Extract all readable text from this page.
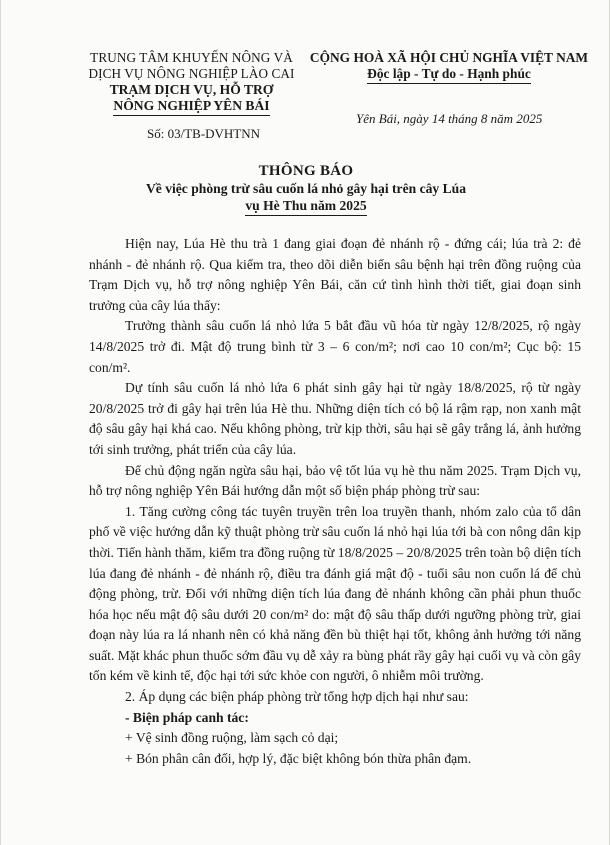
TRUNG TÂM KHUYẾN NÔNG VÀ
DỊCH VỤ NÔNG NGHIỆP LÀO CAI
TRẠM DỊCH VỤ, HỖ TRỢ
NÔNG NGHIỆP YÊN BÁI
CỘNG HOÀ XÃ HỘI CHỦ NGHĨA VIỆT NAM
Độc lập - Tự do - Hạnh phúc
Số: 03/TB-DVHTNN
Yên Bái, ngày 14 tháng 8 năm 2025
THÔNG BÁO
Về việc phòng trừ sâu cuốn lá nhỏ gây hại trên cây Lúa
vụ Hè Thu năm 2025

Hiện nay, Lúa Hè thu trà 1 đang giai đoạn đẻ nhánh rộ - đứng cái; lúa trà 2: đẻ nhánh - đẻ nhánh rộ. Qua kiểm tra, theo dõi diễn biến sâu bệnh hại trên đồng ruộng của Trạm Dịch vụ, hỗ trợ nông nghiệp Yên Bái, căn cứ tình hình thời tiết, giai đoạn sinh trưởng của cây lúa thấy:

Trưởng thành sâu cuốn lá nhỏ lứa 5 bắt đầu vũ hóa từ ngày 12/8/2025, rộ ngày 14/8/2025 trở đi. Mật độ trung bình từ 3 – 6 con/m²; nơi cao 10 con/m²; Cục bộ: 15 con/m².

Dự tính sâu cuốn lá nhỏ lứa 6 phát sinh gây hại từ ngày 18/8/2025, rộ từ ngày 20/8/2025 trở đi gây hại trên lúa Hè thu. Những diện tích có bộ lá rậm rạp, non xanh mật độ sâu gây hại khá cao. Nếu không phòng, trừ kịp thời, sâu hại sẽ gây trắng lá, ảnh hưởng tới sinh trưởng, phát triển của cây lúa.

Để chủ động ngăn ngừa sâu hại, bảo vệ tốt lúa vụ hè thu năm 2025. Trạm Dịch vụ, hỗ trợ nông nghiệp Yên Bái hướng dẫn một số biện pháp phòng trừ sau:

1. Tăng cường công tác tuyên truyền trên loa truyền thanh, nhóm zalo của tổ dân phố về việc hướng dẫn kỹ thuật phòng trừ sâu cuốn lá nhỏ hại lúa tới bà con nông dân kịp thời. Tiến hành thăm, kiểm tra đồng ruộng từ 18/8/2025 – 20/8/2025 trên toàn bộ diện tích lúa đang đẻ nhánh - đẻ nhánh rộ, điều tra đánh giá mật độ - tuổi sâu non cuốn lá để chủ động phòng, trừ. Đối với những diện tích lúa đang đẻ nhánh không cần phải phun thuốc hóa học nếu mật độ sâu dưới 20 con/m² do: mật độ sâu thấp dưới ngưỡng phòng trừ, giai đoạn này lúa ra lá nhanh nên có khả năng đền bù thiệt hại tốt, không ảnh hưởng tới năng suất. Mặt khác phun thuốc sớm đầu vụ dễ xảy ra bùng phát rầy gây hại cuối vụ và còn gây tốn kém về kinh tế, độc hại tới sức khỏe con người, ô nhiễm môi trường.

2. Áp dụng các biện pháp phòng trừ tổng hợp dịch hại như sau:

- Biện pháp canh tác:

+ Vệ sinh đồng ruộng, làm sạch cỏ dại;

+ Bón phân cân đối, hợp lý, đặc biệt không bón thừa phân đạm.
